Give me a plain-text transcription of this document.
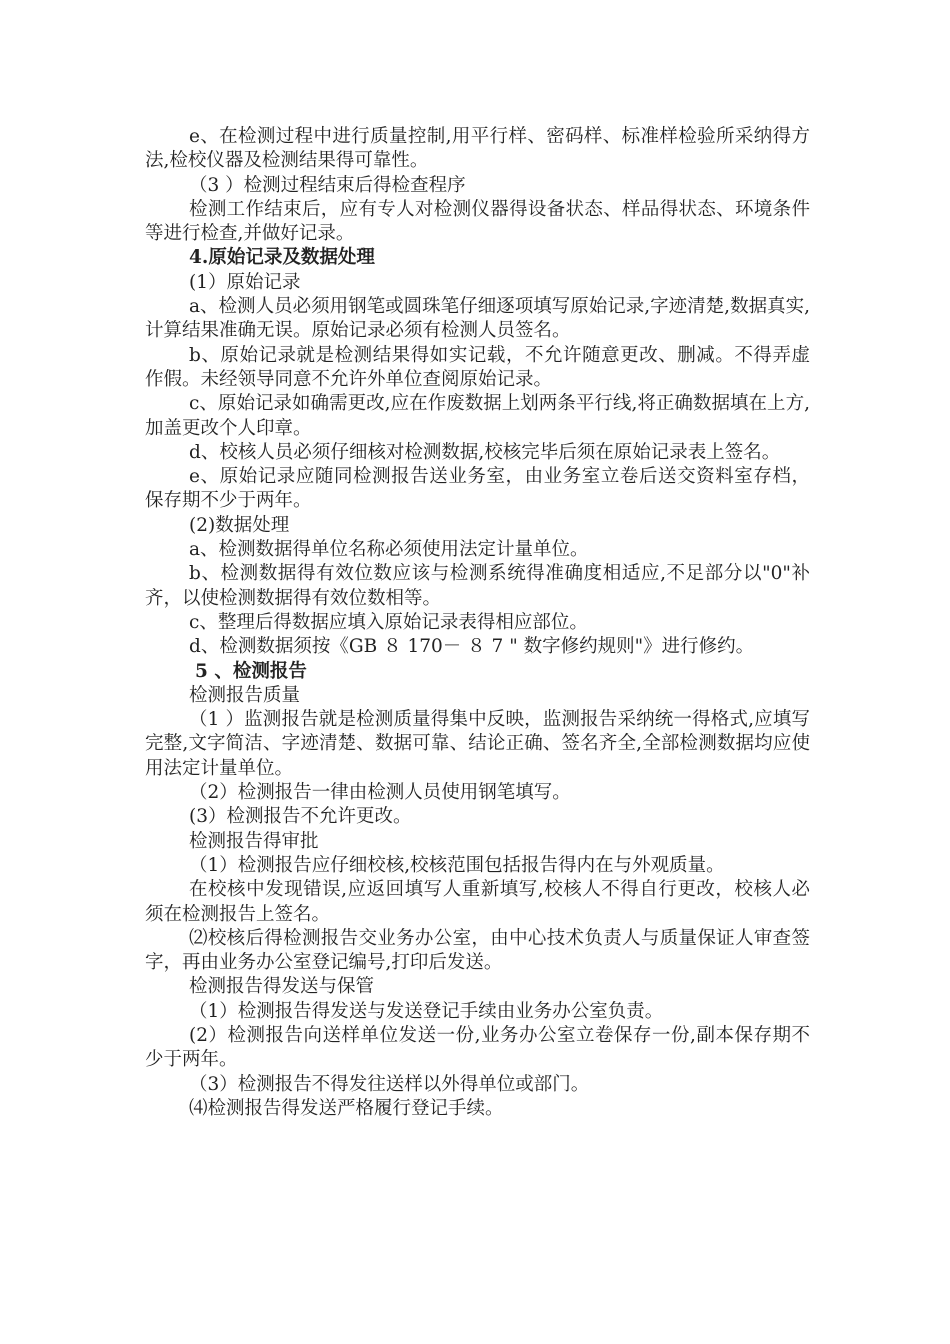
e、在检测过程中进行质量控制,用平行样、密码样、标准样检验所采纳得方法,检校仪器及检测结果得可靠性。

（3 ）检测过程结束后得检查程序

检测工作结束后，应有专人对检测仪器得设备状态、样品得状态、环境条件等进行检查,并做好记录。

4.原始记录及数据处理

(1）原始记录

a、检测人员必须用钢笔或圆珠笔仔细逐项填写原始记录,字迹清楚,数据真实,计算结果准确无误。原始记录必须有检测人员签名。

b、原始记录就是检测结果得如实记载，不允许随意更改、删减。不得弄虚作假。未经领导同意不允许外单位查阅原始记录。

c、原始记录如确需更改,应在作废数据上划两条平行线,将正确数据填在上方,加盖更改个人印章。

d、校核人员必须仔细核对检测数据,校核完毕后须在原始记录表上签名。

e、原始记录应随同检测报告送业务室，由业务室立卷后送交资料室存档，保存期不少于两年。

(2)数据处理

a、检测数据得单位名称必须使用法定计量单位。

b、检测数据得有效位数应该与检测系统得准确度相适应,不足部分以"0"补齐，以使检测数据得有效位数相等。

c、整理后得数据应填入原始记录表得相应部位。

d、检测数据须按《GB ８ 170－ ８ 7 " 数字修约规则"》进行修约。

5 、检测报告

检测报告质量

（1 ）监测报告就是检测质量得集中反映，监测报告采纳统一得格式,应填写完整,文字简洁、字迹清楚、数据可靠、结论正确、签名齐全,全部检测数据均应使用法定计量单位。

（2）检测报告一律由检测人员使用钢笔填写。

(3）检测报告不允许更改。

检测报告得审批

（1）检测报告应仔细校核,校核范围包括报告得内在与外观质量。

在校核中发现错误,应返回填写人重新填写,校核人不得自行更改，校核人必须在检测报告上签名。

⑵校核后得检测报告交业务办公室，由中心技术负责人与质量保证人审查签字，再由业务办公室登记编号,打印后发送。

检测报告得发送与保管

（1）检测报告得发送与发送登记手续由业务办公室负责。

(2）检测报告向送样单位发送一份,业务办公室立卷保存一份,副本保存期不少于两年。

（3）检测报告不得发往送样以外得单位或部门。

⑷检测报告得发送严格履行登记手续。
